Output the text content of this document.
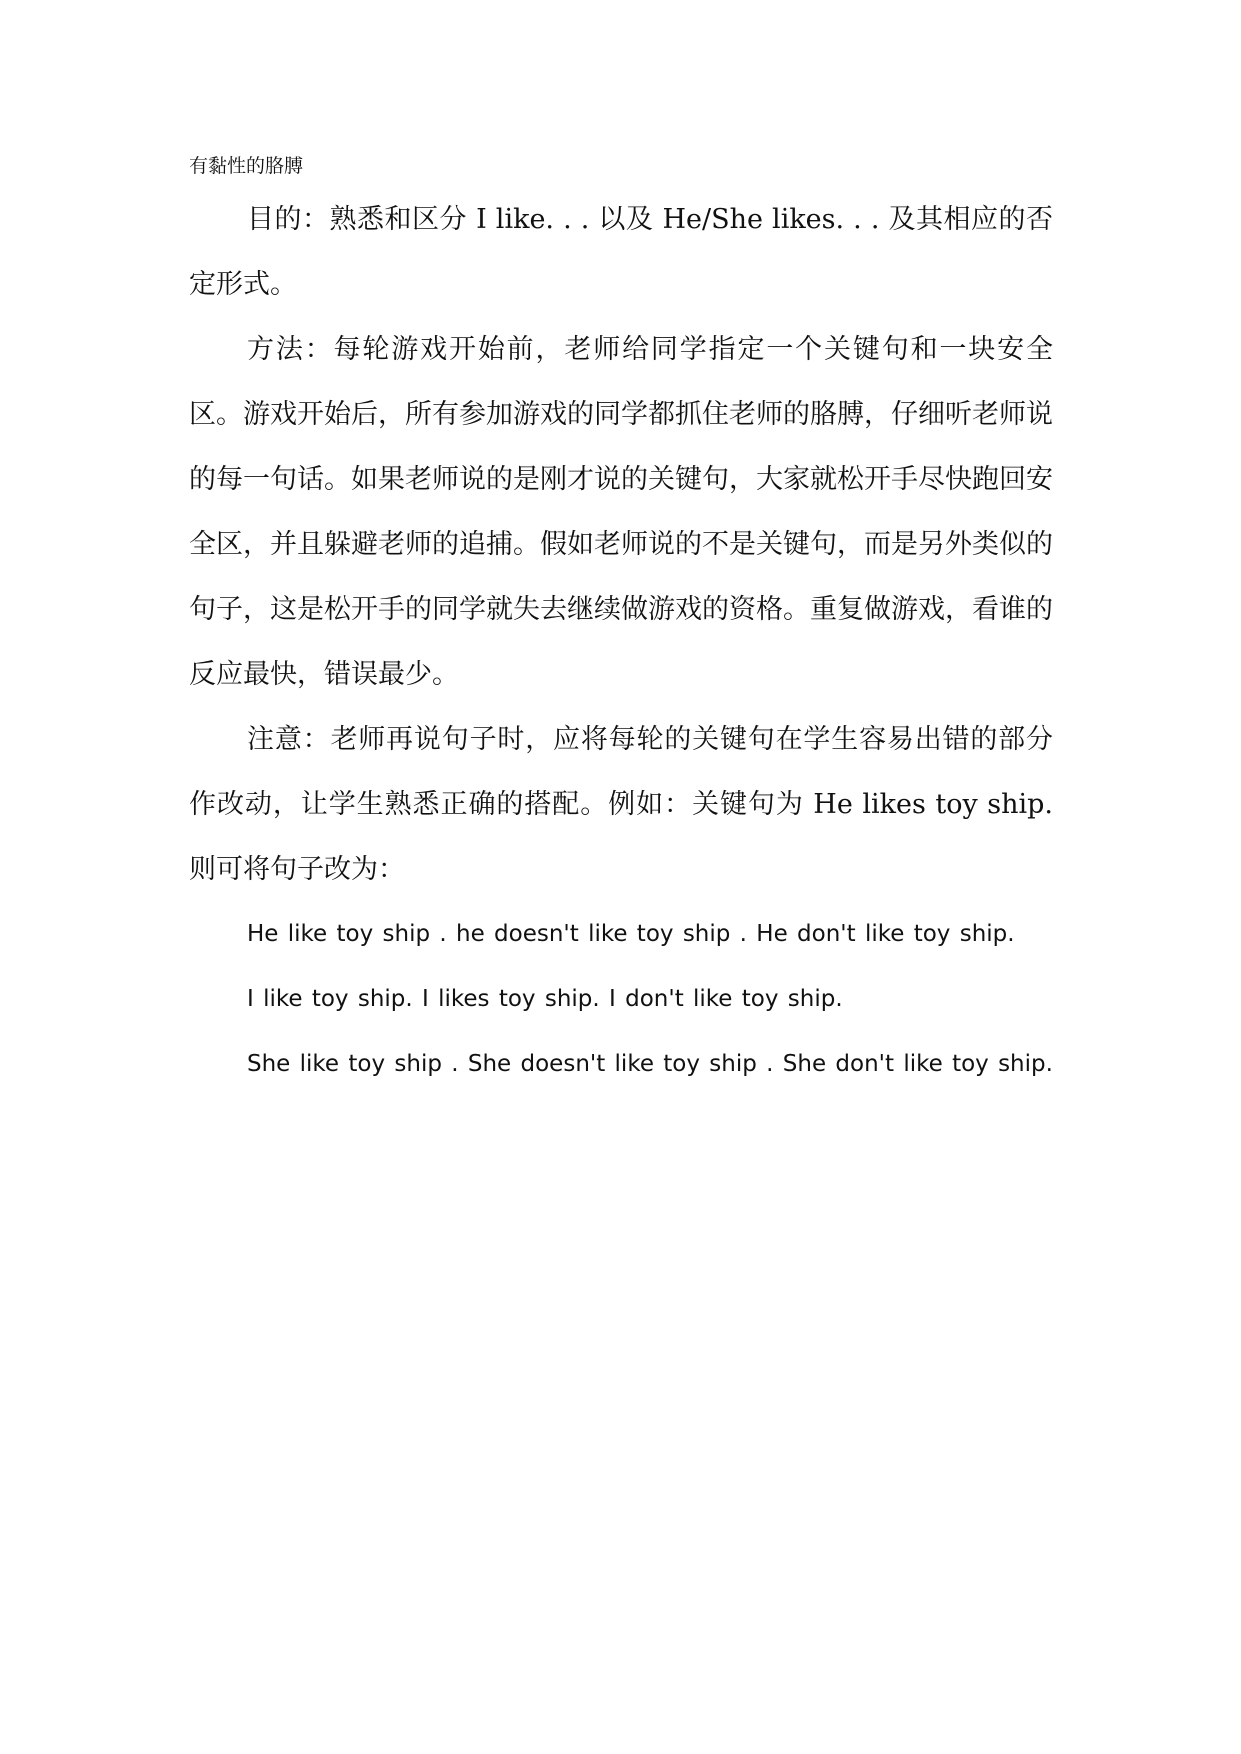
有黏性的胳膊

目的：熟悉和区分 I like. . . 以及 He/She likes. . . 及其相应的否定形式。

方法：每轮游戏开始前，老师给同学指定一个关键句和一块安全区。游戏开始后，所有参加游戏的同学都抓住老师的胳膊，仔细听老师说的每一句话。如果老师说的是刚才说的关键句，大家就松开手尽快跑回安全区，并且躲避老师的追捕。假如老师说的不是关键句，而是另外类似的句子，这是松开手的同学就失去继续做游戏的资格。重复做游戏，看谁的反应最快，错误最少。

注意：老师再说句子时，应将每轮的关键句在学生容易出错的部分作改动，让学生熟悉正确的搭配。例如：关键句为 He likes toy ship. 则可将句子改为：

He like toy ship . he doesn't like toy ship . He don't like toy ship.

I like toy ship. I likes toy ship. I don't like toy ship.

She like toy ship . She doesn't like toy ship . She don't like toy ship.
